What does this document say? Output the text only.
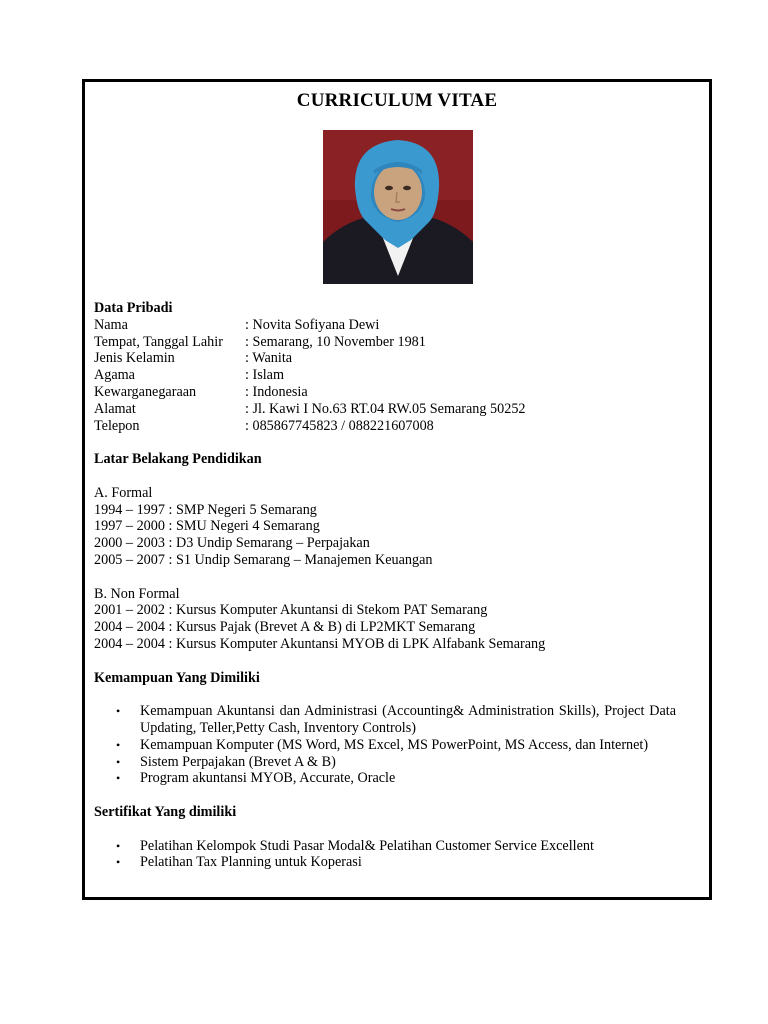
CURRICULUM VITAE
Data Pribadi
Nama	: Novita Sofiyana Dewi
Tempat, Tanggal Lahir	: Semarang, 10 November 1981
Jenis Kelamin	: Wanita
Agama	: Islam
Kewarganegaraan	: Indonesia
Alamat	: Jl. Kawi I No.63 RT.04 RW.05 Semarang 50252
Telepon	: 085867745823 / 088221607008
Latar Belakang Pendidikan
A. Formal
1994 – 1997 : SMP Negeri 5 Semarang
1997 – 2000 : SMU Negeri 4 Semarang
2000 – 2003 : D3 Undip Semarang – Perpajakan
2005 – 2007 : S1 Undip Semarang – Manajemen Keuangan
B. Non Formal
2001 – 2002 : Kursus Komputer Akuntansi di Stekom PAT Semarang
2004 – 2004 : Kursus Pajak (Brevet A & B) di LP2MKT Semarang
2004 – 2004 : Kursus Komputer Akuntansi MYOB di LPK Alfabank Semarang
Kemampuan Yang Dimiliki
• Kemampuan Akuntansi dan Administrasi (Accounting& Administration Skills), Project Data Updating, Teller,Petty Cash, Inventory Controls)
• Kemampuan Komputer (MS Word, MS Excel, MS PowerPoint, MS Access, dan Internet)
• Sistem Perpajakan (Brevet A & B)
• Program akuntansi MYOB, Accurate, Oracle
Sertifikat Yang dimiliki
• Pelatihan Kelompok Studi Pasar Modal& Pelatihan Customer Service Excellent
• Pelatihan Tax Planning untuk Koperasi
